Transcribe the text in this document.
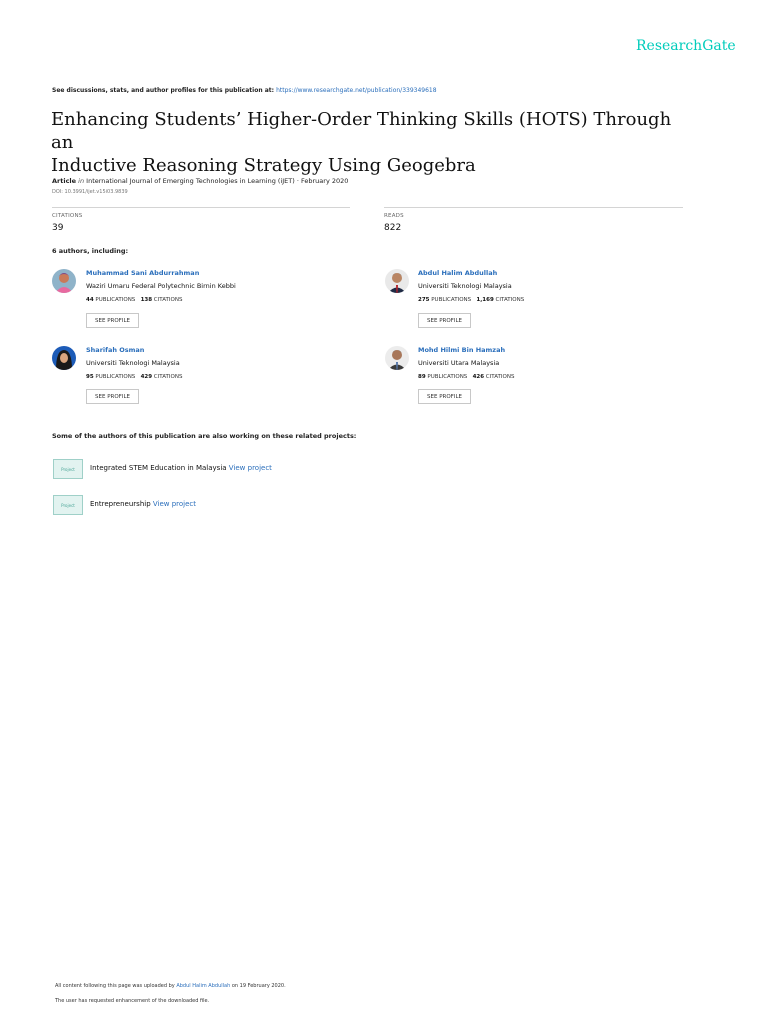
ResearchGate
See discussions, stats, and author profiles for this publication at: https://www.researchgate.net/publication/339349618
Enhancing Students’ Higher-Order Thinking Skills (HOTS) Through an
Inductive Reasoning Strategy Using Geogebra
Article in International Journal of Emerging Technologies in Learning (iJET) · February 2020
DOI: 10.3991/ijet.v15i03.9839
CITATIONS
39
READS
822
6 authors, including:
Muhammad Sani Abdurrahman
Waziri Umaru Federal Polytechnic Birnin Kebbi
44 PUBLICATIONS 138 CITATIONS
SEE PROFILE
Abdul Halim Abdullah
Universiti Teknologi Malaysia
275 PUBLICATIONS 1,169 CITATIONS
SEE PROFILE
Sharifah Osman
Universiti Teknologi Malaysia
95 PUBLICATIONS 429 CITATIONS
SEE PROFILE
Mohd Hilmi Bin Hamzah
Universiti Utara Malaysia
89 PUBLICATIONS 426 CITATIONS
SEE PROFILE
Some of the authors of this publication are also working on these related projects:
Project	Integrated STEM Education in Malaysia View project
Project	Entrepreneurship View project
All content following this page was uploaded by Abdul Halim Abdullah on 19 February 2020.
The user has requested enhancement of the downloaded file.
